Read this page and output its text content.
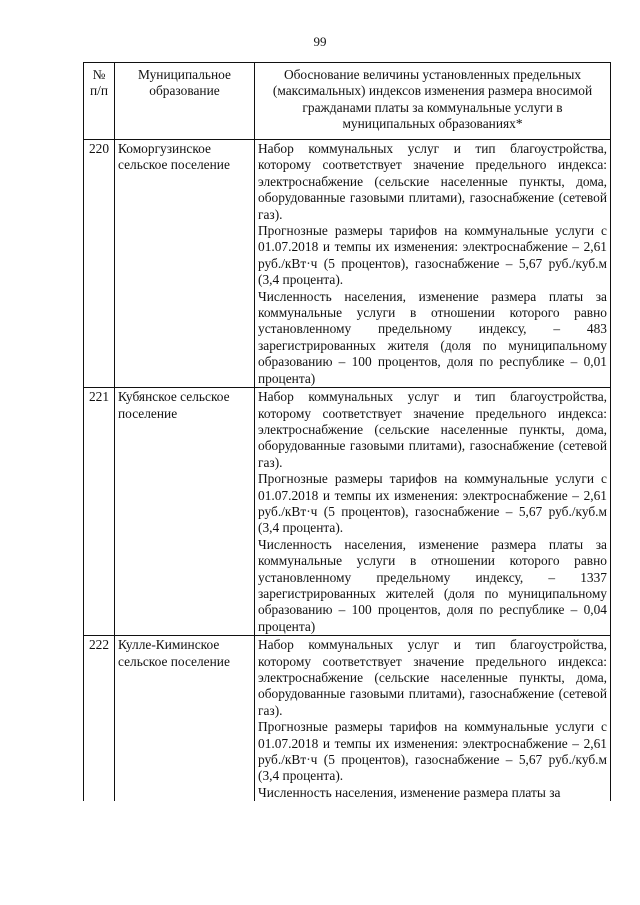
99
№ п/п	Муниципальное образование	Обоснование величины установленных предельных (максимальных) индексов изменения размера вносимой гражданами платы за коммунальные услуги в муниципальных образованиях*
220	Коморгузинское сельское поселение	Набор коммунальных услуг и тип благоустройства, которому соответствует значение предельного индекса: электроснабжение (сельские населенные пункты, дома, оборудованные газовыми плитами), газоснабжение (сетевой газ).

Прогнозные размеры тарифов на коммунальные услуги с 01.07.2018 и темпы их изменения: электроснабжение – 2,61 руб./кВт·ч (5 процентов), газоснабжение – 5,67 руб./куб.м (3,4 процента).

Численность населения, изменение размера платы за коммунальные услуги в отношении которого равно установленному предельному индексу, – 483 зарегистрированных жителя (доля по муниципальному образованию – 100 процентов, доля по республике – 0,01 процента)

221	Кубянское сельское поселение	Набор коммунальных услуг и тип благоустройства, которому соответствует значение предельного индекса: электроснабжение (сельские населенные пункты, дома, оборудованные газовыми плитами), газоснабжение (сетевой газ).

Прогнозные размеры тарифов на коммунальные услуги с 01.07.2018 и темпы их изменения: электроснабжение – 2,61 руб./кВт·ч (5 процентов), газоснабжение – 5,67 руб./куб.м (3,4 процента).

Численность населения, изменение размера платы за коммунальные услуги в отношении которого равно установленному предельному индексу, – 1337 зарегистрированных жителей (доля по муниципальному образованию – 100 процентов, доля по республике – 0,04 процента)

222	Кулле-Киминское сельское поселение	Набор коммунальных услуг и тип благоустройства, которому соответствует значение предельного индекса: электроснабжение (сельские населенные пункты, дома, оборудованные газовыми плитами), газоснабжение (сетевой газ).

Прогнозные размеры тарифов на коммунальные услуги с 01.07.2018 и темпы их изменения: электроснабжение – 2,61 руб./кВт·ч (5 процентов), газоснабжение – 5,67 руб./куб.м (3,4 процента).

Численность населения, изменение размера платы за
